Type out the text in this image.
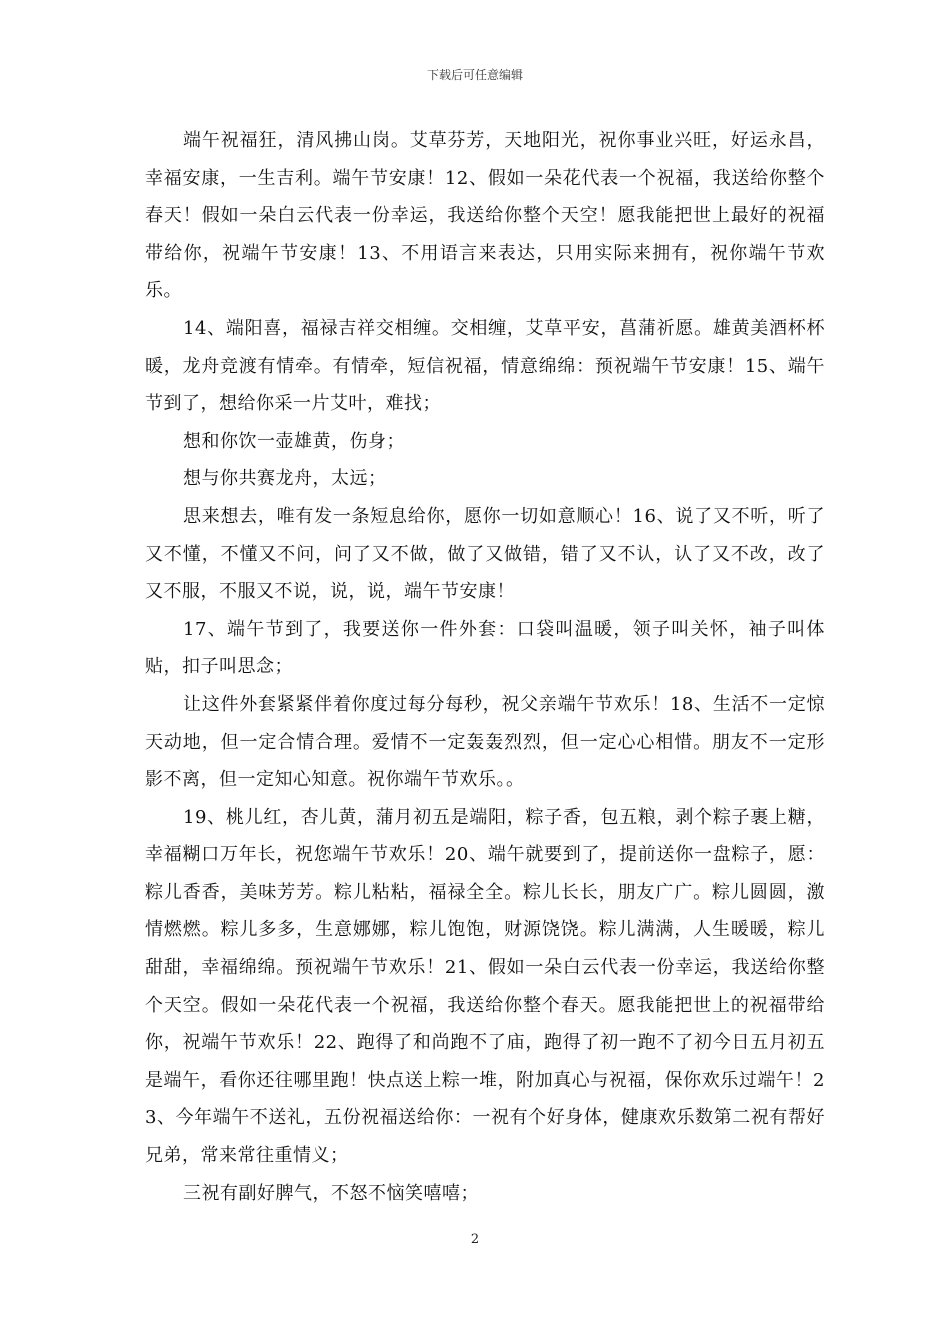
下载后可任意编辑

端午祝福狂，清风拂山岗。艾草芬芳，天地阳光，祝你事业兴旺，好运永昌，幸福安康，一生吉利。端午节安康！12、假如一朵花代表一个祝福，我送给你整个春天！假如一朵白云代表一份幸运，我送给你整个天空！愿我能把世上最好的祝福带给你，祝端午节安康！13、不用语言来表达，只用实际来拥有，祝你端午节欢乐。

14、端阳喜，福禄吉祥交相缠。交相缠，艾草平安，菖蒲祈愿。雄黄美酒杯杯暖，龙舟竞渡有情牵。有情牵，短信祝福，情意绵绵：预祝端午节安康！15、端午节到了，想给你采一片艾叶，难找；

想和你饮一壶雄黄，伤身；

想与你共赛龙舟，太远；

思来想去，唯有发一条短息给你，愿你一切如意顺心！16、说了又不听，听了又不懂，不懂又不问，问了又不做，做了又做错，错了又不认，认了又不改，改了又不服，不服又不说，说，说，端午节安康！

17、端午节到了，我要送你一件外套：口袋叫温暖，领子叫关怀，袖子叫体贴，扣子叫思念；

让这件外套紧紧伴着你度过每分每秒，祝父亲端午节欢乐！18、生活不一定惊天动地，但一定合情合理。爱情不一定轰轰烈烈，但一定心心相惜。朋友不一定形影不离，但一定知心知意。祝你端午节欢乐。。

19、桃儿红，杏儿黄，蒲月初五是端阳，粽子香，包五粮，剥个粽子裹上糖，幸福糊口万年长，祝您端午节欢乐！20、端午就要到了，提前送你一盘粽子，愿：粽儿香香，美味芳芳。粽儿粘粘，福禄全全。粽儿长长，朋友广广。粽儿圆圆，激情燃燃。粽儿多多，生意娜娜，粽儿饱饱，财源饶饶。粽儿满满，人生暖暖，粽儿甜甜，幸福绵绵。预祝端午节欢乐！21、假如一朵白云代表一份幸运，我送给你整个天空。假如一朵花代表一个祝福，我送给你整个春天。愿我能把世上的祝福带给你，祝端午节欢乐！22、跑得了和尚跑不了庙，跑得了初一跑不了初今日五月初五是端午，看你还往哪里跑！快点送上粽一堆，附加真心与祝福，保你欢乐过端午！23、今年端午不送礼，五份祝福送给你：一祝有个好身体，健康欢乐数第二祝有帮好兄弟，常来常往重情义；

三祝有副好脾气，不怒不恼笑嘻嘻；

2
